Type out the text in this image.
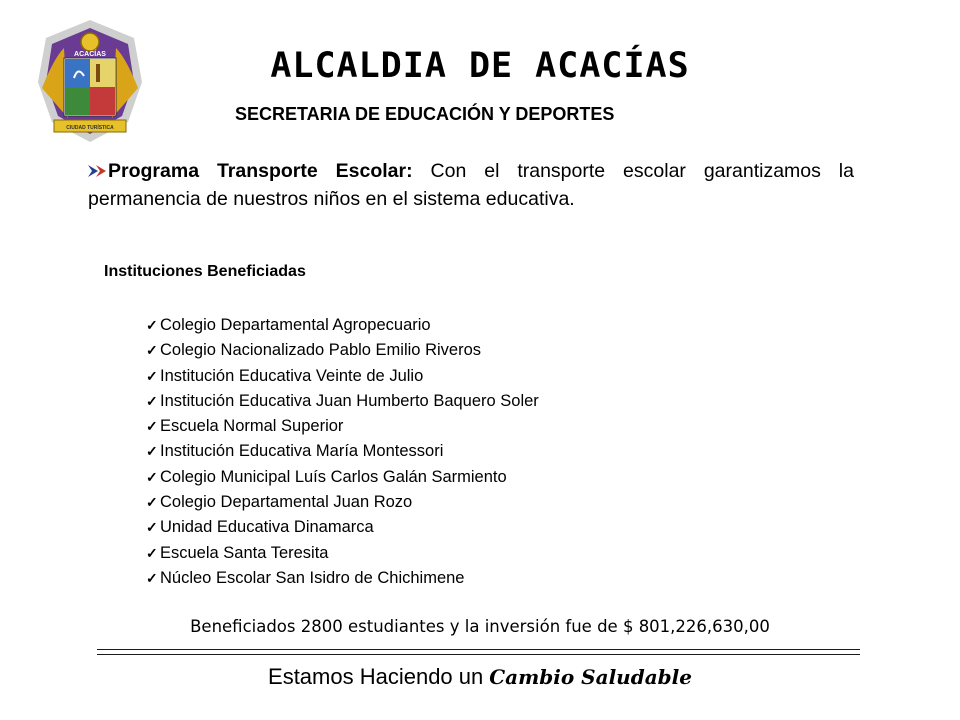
ACACÍAS
CIUDAD TURÍSTICA
ALCALDIA DE ACACÍAS
SECRETARIA DE EDUCACIÓN Y DEPORTES
Programa Transporte Escolar: Con el transporte escolar garantizamos la permanencia de nuestros niños en el sistema educativa.
Instituciones Beneficiadas
✓ Colegio Departamental Agropecuario
✓ Colegio Nacionalizado Pablo Emilio Riveros
✓ Institución Educativa Veinte de Julio
✓ Institución Educativa Juan Humberto Baquero Soler
✓ Escuela Normal Superior
✓ Institución Educativa María Montessori
✓ Colegio Municipal Luís Carlos Galán Sarmiento
✓ Colegio Departamental Juan Rozo
✓ Unidad Educativa Dinamarca
✓ Escuela Santa Teresita
✓ Núcleo Escolar San Isidro de Chichimene
Beneficiados 2800 estudiantes y la inversión fue de $ 801,226,630,00
Estamos Haciendo un Cambio Saludable
